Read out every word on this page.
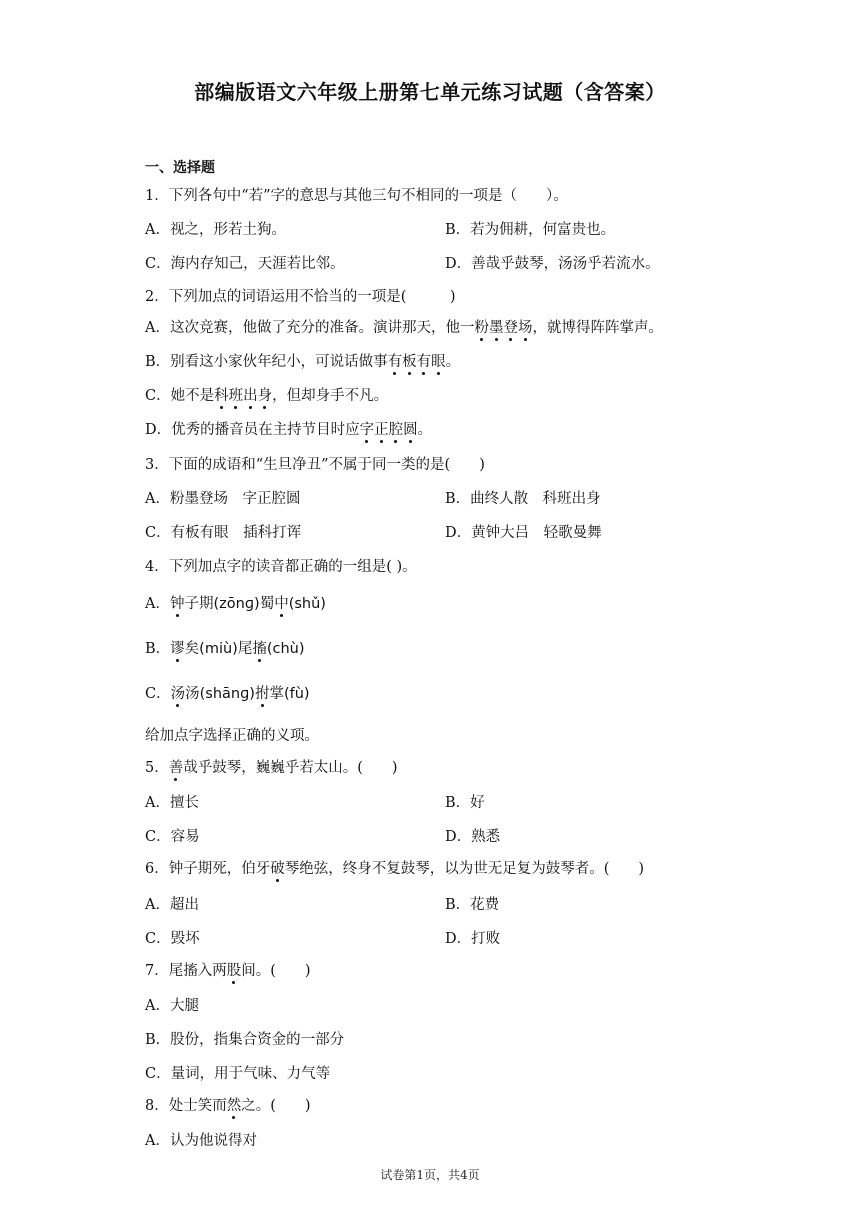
部编版语文六年级上册第七单元练习试题（含答案）
一、选择题
1．下列各句中“若”字的意思与其他三句不相同的一项是（　　）。
A．视之，形若土狗。	B．若为佣耕，何富贵也。
C．海内存知己，天涯若比邻。	D．善哉乎鼓琴，汤汤乎若流水。
2．下列加点的词语运用不恰当的一项是(　　　)
A．这次竞赛，他做了充分的准备。演讲那天，他一粉墨登场，就博得阵阵掌声。
B．别看这小家伙年纪小，可说话做事有板有眼。
C．她不是科班出身，但却身手不凡。
D．优秀的播音员在主持节目时应字正腔圆。
3．下面的成语和“生旦净丑”不属于同一类的是(　　)
A．粉墨登场　字正腔圆	B．曲终人散　科班出身
C．有板有眼　插科打诨	D．黄钟大吕　轻歌曼舞
4．下列加点字的读音都正确的一组是( )。
A．钟子期(zōnɡ)蜀中(shǔ)
B．谬矣(miù)尾搐(chù)
C．汤汤(shānɡ)拊掌(fù)
给加点字选择正确的义项。
5．善哉乎鼓琴，巍巍乎若太山。(　　)
A．擅长	B．好
C．容易	D．熟悉
6．钟子期死，伯牙破琴绝弦，终身不复鼓琴，以为世无足复为鼓琴者。(　　)
A．超出	B．花费
C．毁坏	D．打败
7．尾搐入两股间。(　　)
A．大腿
B．股份，指集合资金的一部分
C．量词，用于气味、力气等
8．处士笑而然之。(　　)
A．认为他说得对
试卷第1页，共4页
